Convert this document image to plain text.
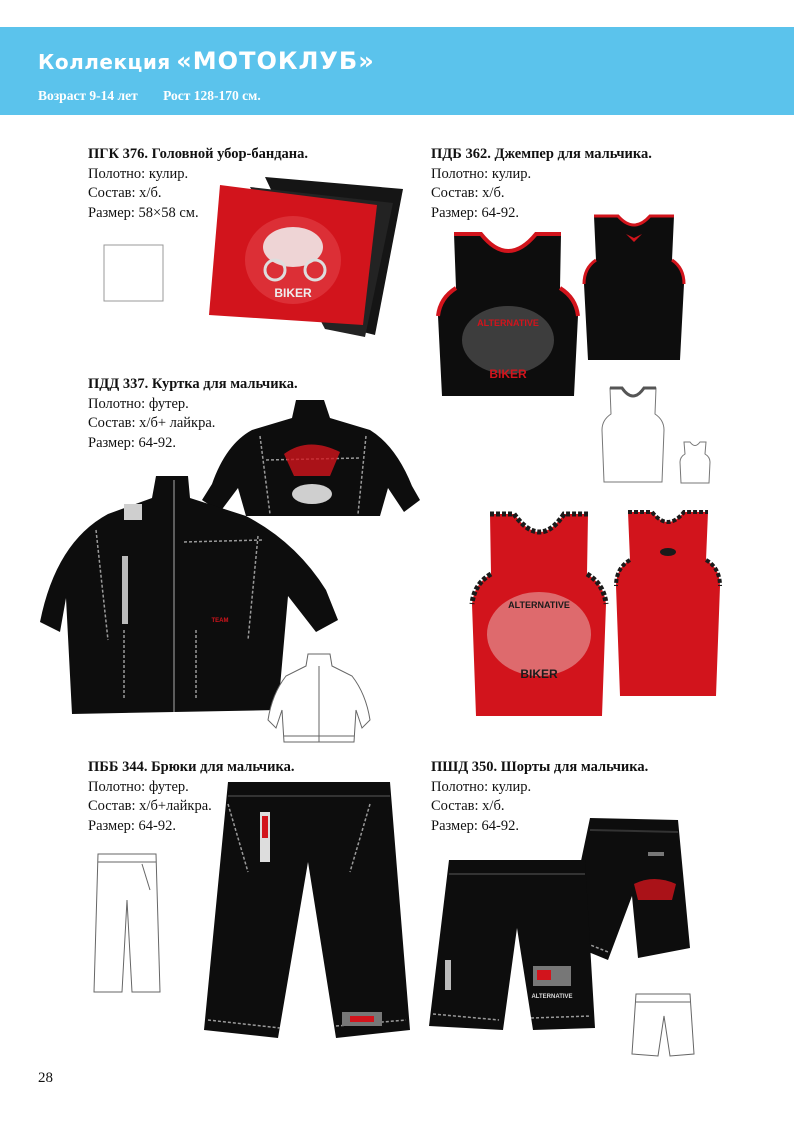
Коллекция «МОТОКЛУБ»
Возраст 9-14 лет Рост 128-170 см.
ПГК 376. Головной убор-бандана.
Полотно: кулир.
Состав: х/б.
Размер: 58×58 см.
ПДБ 362. Джемпер для мальчика.
Полотно: кулир.
Состав: х/б.
Размер: 64-92.
ПДД 337. Куртка для мальчика.
Полотно: футер.
Состав: х/б+ лайкра.
Размер: 64-92.
ПББ 344. Брюки для мальчика.
Полотно: футер.
Состав: х/б+лайкра.
Размер: 64-92.
ПШД 350. Шорты для мальчика.
Полотно: кулир.
Состав: х/б.
Размер: 64-92.
BIKER
ALTERNATIVE
BIKER
ALTERNATIVE
BIKER
TEAM
ALTERNATIVE
28
